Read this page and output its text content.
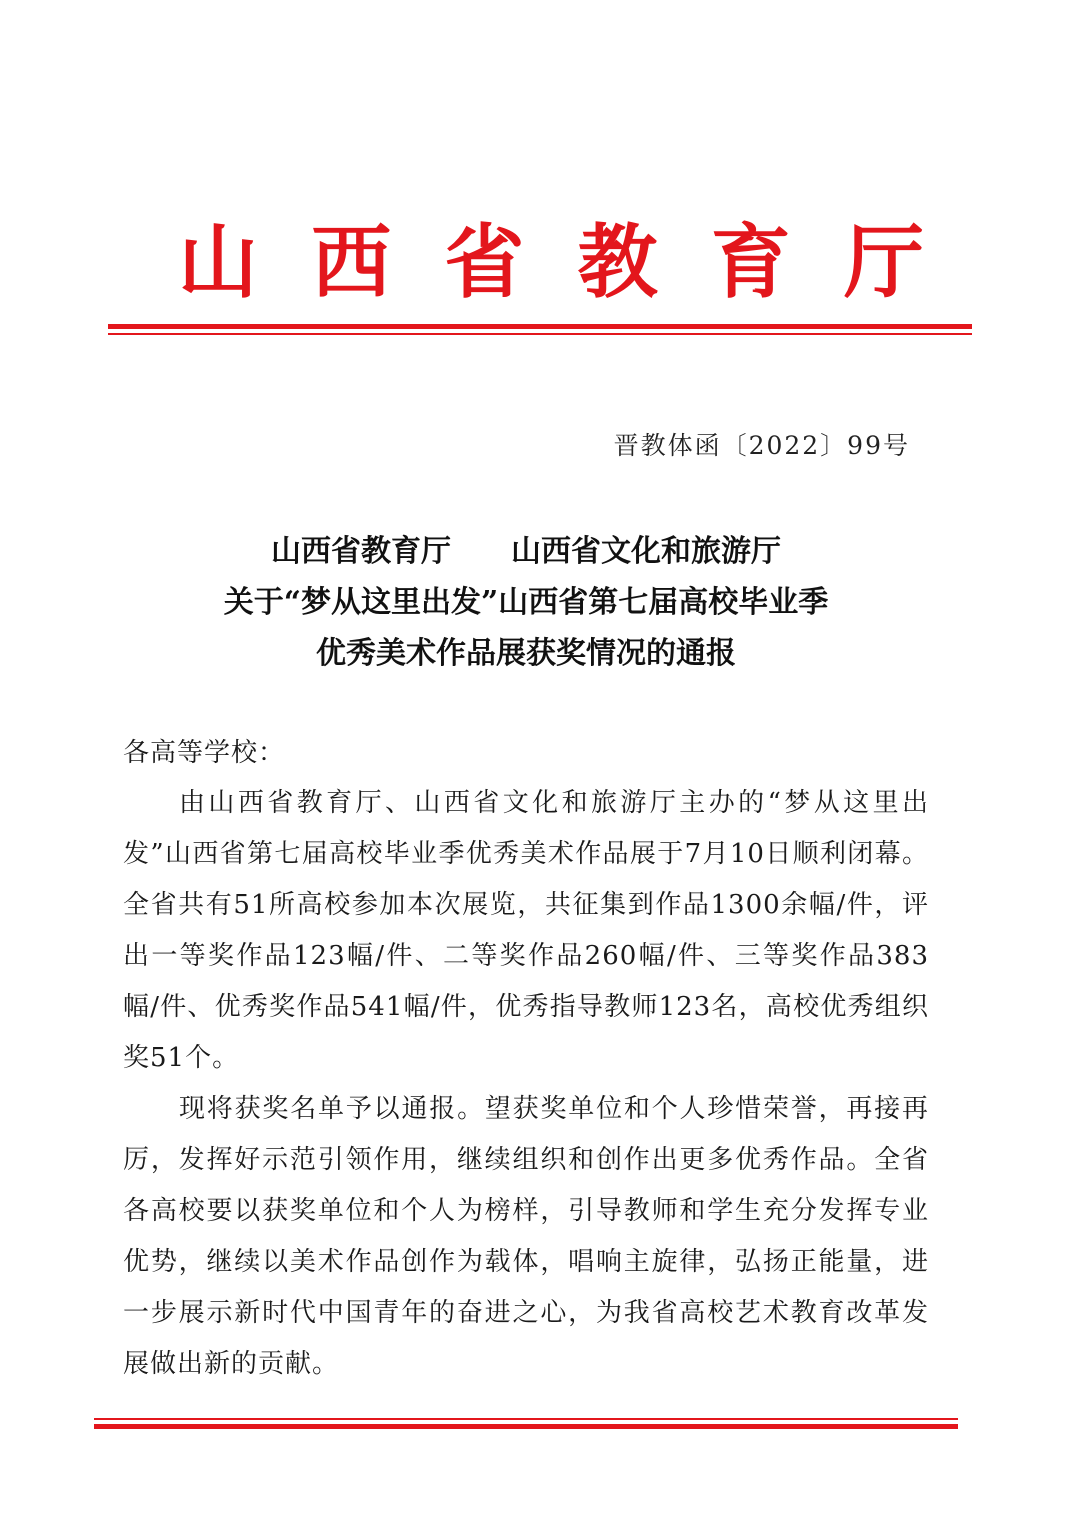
山 西 省 教 育 厅
晋教体函〔2022〕99号
山西省教育厅　　山西省文化和旅游厅
关于“梦从这里出发”山西省第七届高校毕业季
优秀美术作品展获奖情况的通报
各高等学校：
由山西省教育厅、山西省文化和旅游厅主办的“梦从这里出发”山西省第七届高校毕业季优秀美术作品展于7月10日顺利闭幕。全省共有51所高校参加本次展览，共征集到作品1300余幅/件，评出一等奖作品123幅/件、二等奖作品260幅/件、三等奖作品383幅/件、优秀奖作品541幅/件，优秀指导教师123名，高校优秀组织奖51个。
现将获奖名单予以通报。望获奖单位和个人珍惜荣誉，再接再厉，发挥好示范引领作用，继续组织和创作出更多优秀作品。全省各高校要以获奖单位和个人为榜样，引导教师和学生充分发挥专业优势，继续以美术作品创作为载体，唱响主旋律，弘扬正能量，进一步展示新时代中国青年的奋进之心，为我省高校艺术教育改革发展做出新的贡献。
